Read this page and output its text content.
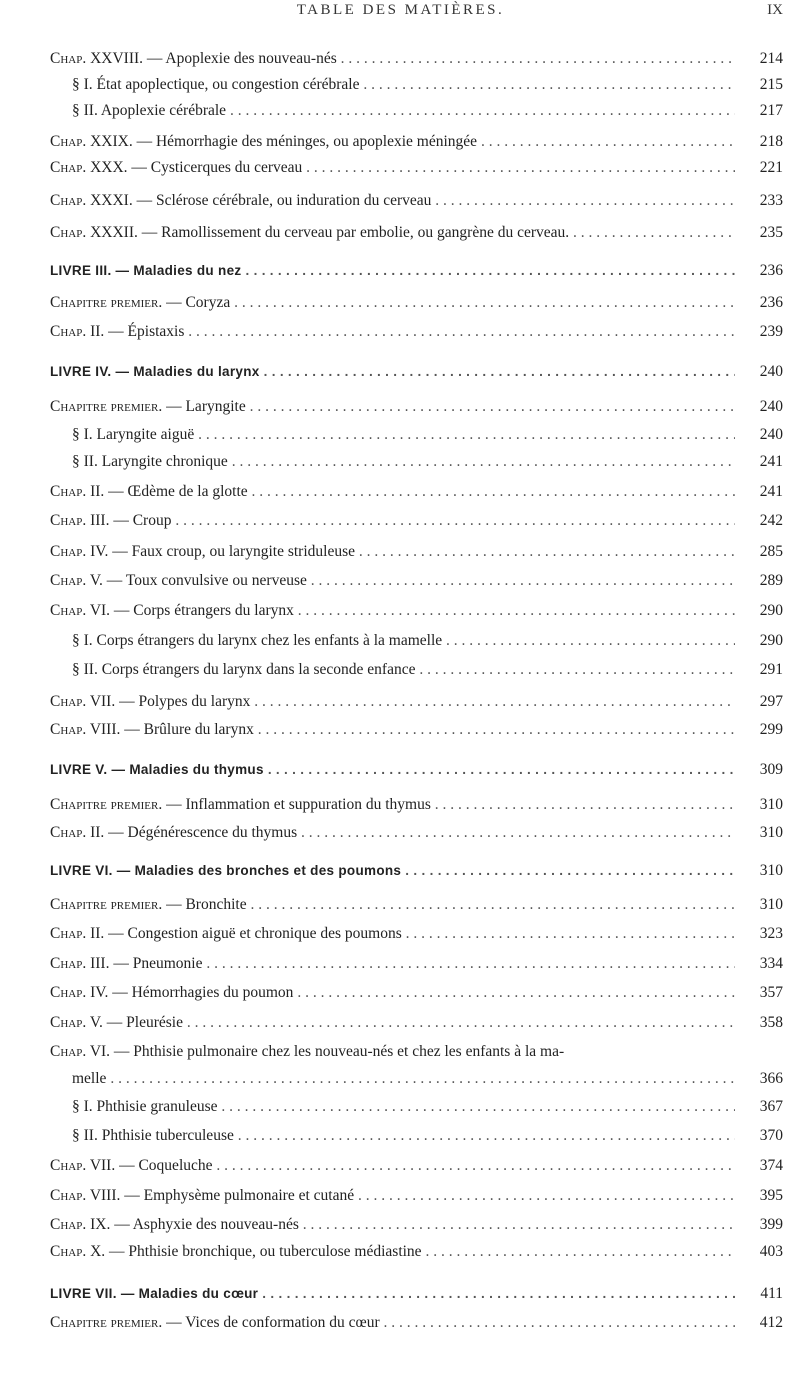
TABLE DES MATIÈRES.	IX
Chap. XXVIII. — Apoplexie des nouveau-nés . . .	214
§ I. État apoplectique, ou congestion cérébrale . . .	215
§ II. Apoplexie cérébrale . . .	217
Chap. XXIX. — Hémorrhagie des méninges, ou apoplexie méningée . . .	218
Chap. XXX. — Cysticerques du cerveau . . .	221
Chap. XXXI. — Sclérose cérébrale, ou induration du cerveau . . .	233
Chap. XXXII. — Ramollissement du cerveau par embolie, ou gangrène du cerveau. . . .	235
LIVRE III. — Maladies du nez . . .	236
Chapitre premier. — Coryza . . .	236
Chap. II. — Épistaxis . . .	239
LIVRE IV. — Maladies du larynx . . .	240
Chapitre premier. — Laryngite . . .	240
§ I. Laryngite aiguë . . .	240
§ II. Laryngite chronique . . .	241
Chap. II. — Œdème de la glotte . . .	241
Chap. III. — Croup . . .	242
Chap. IV. — Faux croup, ou laryngite striduleuse . . .	285
Chap. V. — Toux convulsive ou nerveuse . . .	289
Chap. VI. — Corps étrangers du larynx . . .	290
§ I. Corps étrangers du larynx chez les enfants à la mamelle . . .	290
§ II. Corps étrangers du larynx dans la seconde enfance . . .	291
Chap. VII. — Polypes du larynx . . .	297
Chap. VIII. — Brûlure du larynx . . .	299
LIVRE V. — Maladies du thymus . . .	309
Chapitre premier. — Inflammation et suppuration du thymus . . .	310
Chap. II. — Dégénérescence du thymus . . .	310
LIVRE VI. — Maladies des bronches et des poumons . . .	310
Chapitre premier. — Bronchite . . .	310
Chap. II. — Congestion aiguë et chronique des poumons . . .	323
Chap. III. — Pneumonie . . .	334
Chap. IV. — Hémorrhagies du poumon . . .	357
Chap. V. — Pleurésie . . .	358
Chap. VI. — Phthisie pulmonaire chez les nouveau-nés et chez les enfants à la ma-
melle . . .	366
§ I. Phthisie granuleuse . . .	367
§ II. Phthisie tuberculeuse . . .	370
Chap. VII. — Coqueluche . . .	374
Chap. VIII. — Emphysème pulmonaire et cutané . . .	395
Chap. IX. — Asphyxie des nouveau-nés . . .	399
Chap. X. — Phthisie bronchique, ou tuberculose médiastine . . .	403
LIVRE VII. — Maladies du cœur . . .	411
Chapitre premier. — Vices de conformation du cœur . . .	412
